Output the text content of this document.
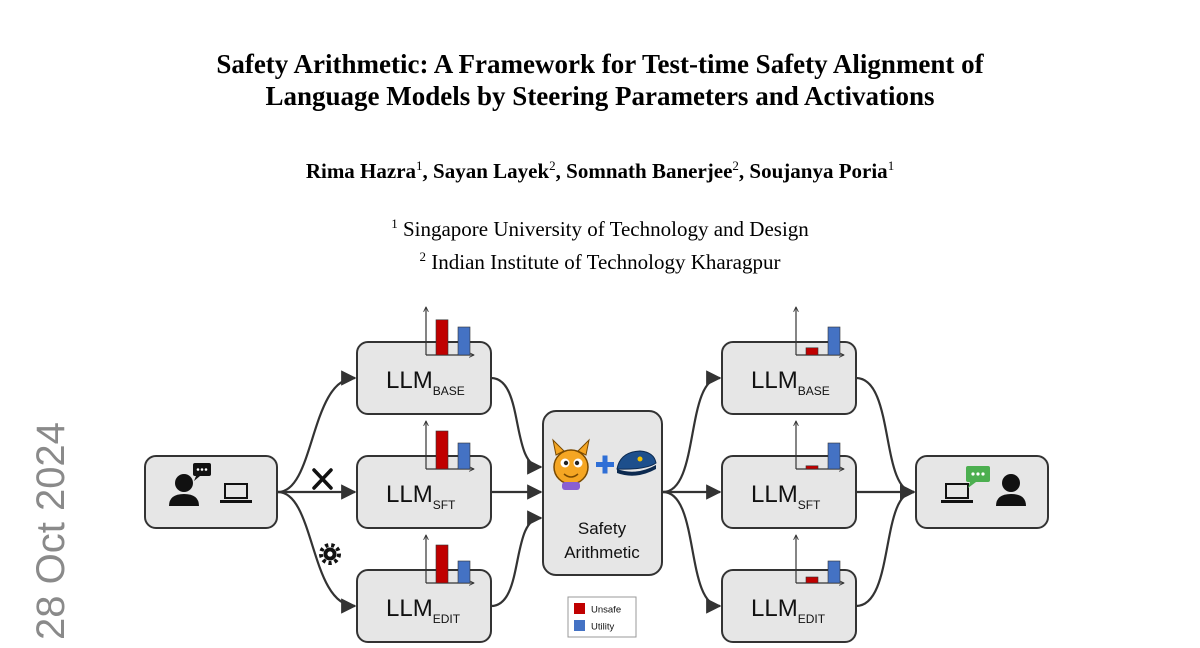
Safety Arithmetic: A Framework for Test-time Safety Alignment of
Language Models by Steering Parameters and Activations
Rima Hazra$^1$, Sayan Layek$^2$, Somnath Banerjee$^2$, Soujanya Poria$^1$
$^1$ Singapore University of Technology and Design
$^2$ Indian Institute of Technology Kharagpur
28 Oct 2024
$LLM_{BASE}$
$LLM_{SFT}$
$LLM_{EDIT}$
Safety
Arithmetic
Unsafe
Utility
$LLM_{BASE}$
$LLM_{SFT}$
$LLM_{EDIT}$
